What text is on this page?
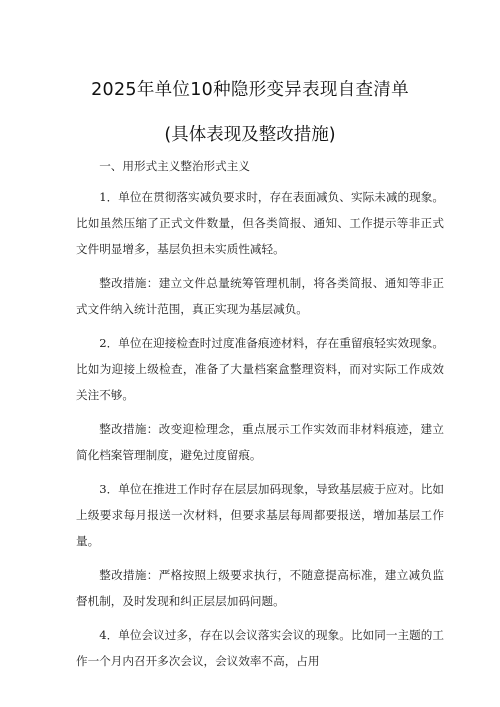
2025年单位10种隐形变异表现自查清单
(具体表现及整改措施)

一、用形式主义整治形式主义

1．单位在贯彻落实减负要求时，存在表面减负、实际未减的现象。比如虽然压缩了正式文件数量，但各类简报、通知、工作提示等非正式文件明显增多，基层负担未实质性减轻。

整改措施：建立文件总量统筹管理机制，将各类简报、通知等非正式文件纳入统计范围，真正实现为基层减负。

2．单位在迎接检查时过度准备痕迹材料，存在重留痕轻实效现象。比如为迎接上级检查，准备了大量档案盒整理资料，而对实际工作成效关注不够。

整改措施：改变迎检理念，重点展示工作实效而非材料痕迹，建立简化档案管理制度，避免过度留痕。

3．单位在推进工作时存在层层加码现象，导致基层疲于应对。比如上级要求每月报送一次材料，但要求基层每周都要报送，增加基层工作量。

整改措施：严格按照上级要求执行，不随意提高标准，建立减负监督机制，及时发现和纠正层层加码问题。

4．单位会议过多，存在以会议落实会议的现象。比如同一主题的工作一个月内召开多次会议，会议效率不高，占用
